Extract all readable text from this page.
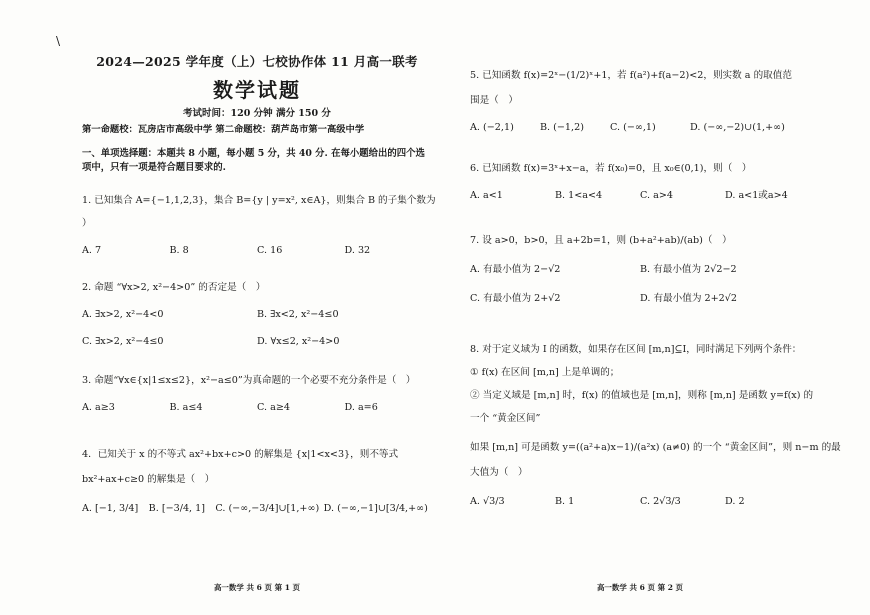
\
2024—2025 学年度（上）七校协作体 11 月高一联考
数学试题
考试时间：120 分钟 满分 150 分
第一命题校：瓦房店市高级中学 第二命题校：葫芦岛市第一高级中学
一、单项选择题：本题共 8 小题，每小题 5 分，共 40 分. 在每小题给出的四个选项中，只有一项是符合题目要求的.
1. 已知集合 A={−1,1,2,3}，集合 B={y | y=x², x∈A}，则集合 B 的子集个数为
）
A. 7	B. 8	C. 16	D. 32
2. 命题 “∀x>2, x²−4>0” 的否定是（　）
A. ∃x>2, x²−4<0	B. ∃x<2, x²−4≤0
C. ∃x>2, x²−4≤0	D. ∀x≤2, x²−4>0
3. 命题“∀x∈{x|1≤x≤2}，x²−a≤0”为真命题的一个必要不充分条件是（　）
A. a≥3	B. a≤4	C. a≥4	D. a=6
4．已知关于 x 的不等式 ax²+bx+c>0 的解集是 {x|1<x<3}，则不等式
bx²+ax+c≥0 的解集是（　）
A. [−1, 3/4]	B. [−3/4, 1]	C. (−∞,−3/4]∪[1,+∞) D. (−∞,−1]∪[3/4,+∞)
高一数学 共 6 页 第 1 页
5. 已知函数 f(x)=2ˣ−(1/2)ˣ+1，若 f(a²)+f(a−2)<2，则实数 a 的取值范
围是（　）
A. (−2,1)	B. (−1,2)	C. (−∞,1)	D. (−∞,−2)∪(1,+∞)
6. 已知函数 f(x)=3ˣ+x−a，若 f(x₀)=0，且 x₀∈(0,1)，则（　）
A. a<1	B. 1<a<4	C. a>4	D. a<1或a>4
7. 设 a>0，b>0，且 a+2b=1，则 (b+a²+ab)/(ab)（　）
A. 有最小值为 2−√2	B. 有最小值为 2√2−2
C. 有最小值为 2+√2	D. 有最小值为 2+2√2
8. 对于定义域为 I 的函数，如果存在区间 [m,n]⊆I，同时满足下列两个条件：
① f(x) 在区间 [m,n] 上是单调的；
② 当定义域是 [m,n] 时，f(x) 的值域也是 [m,n]，则称 [m,n] 是函数 y=f(x) 的
一个 “黄金区间”
如果 [m,n] 可是函数 y=((a²+a)x−1)/(a²x) (a≠0) 的一个 “黄金区间”，则 n−m 的最
大值为（　）
A. √3/3	B. 1	C. 2√3/3	D. 2
高一数学 共 6 页 第 2 页
